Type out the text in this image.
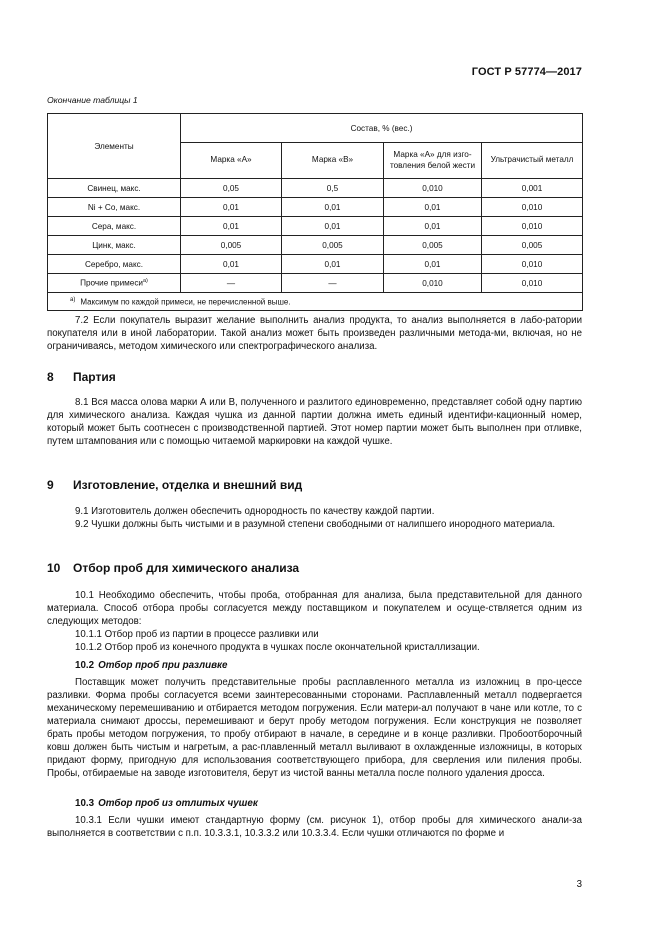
ГОСТ Р 57774—2017
Окончание таблицы 1
Элементы	Состав, % (вес.)			
	Марка «А»	Марка «В»	Марка «А» для изго-товления белой жести	Ультрачистый металл
Свинец, макс.	0,05	0,5	0,010	0,001
Ni + Co, макс.	0,01	0,01	0,01	0,010
Сера, макс.	0,01	0,01	0,01	0,010
Цинк, макс.	0,005	0,005	0,005	0,005
Серебро, макс.	0,01	0,01	0,01	0,010
Прочие примеси$^{а)}$	—	—	0,010	0,010
$^{а)}$ Максимум по каждой примеси, не перечисленной выше.				

7.2 Если покупатель выразит желание выполнить анализ продукта, то анализ выполняется в лабо-ратории покупателя или в иной лаборатории. Такой анализ может быть произведен различными метода-ми, включая, но не ограничиваясь, методом химического или спектрографического анализа.

8 Партия

8.1 Вся масса олова марки А или В, полученного и разлитого единовременно, представляет собой одну партию для химического анализа. Каждая чушка из данной партии должна иметь единый идентифи-кационный номер, который может быть соотнесен с производственной партией. Этот номер партии может быть выполнен при отливке, путем штампования или с помощью читаемой маркировки на каждой чушке.

9 Изготовление, отделка и внешний вид

9.1 Изготовитель должен обеспечить однородность по качеству каждой партии.

9.2 Чушки должны быть чистыми и в разумной степени свободными от налипшего инородного материала.

10 Отбор проб для химического анализа

10.1 Необходимо обеспечить, чтобы проба, отобранная для анализа, была представительной для данного материала. Способ отбора пробы согласуется между поставщиком и покупателем и осуще-ствляется одним из следующих методов:

10.1.1 Отбор проб из партии в процессе разливки или

10.1.2 Отбор проб из конечного продукта в чушках после окончательной кристаллизации.

10.2 Отбор проб при разливке

Поставщик может получить представительные пробы расплавленного металла из изложниц в про-цессе разливки. Форма пробы согласуется всеми заинтересованными сторонами. Расплавленный металл подвергается механическому перемешиванию и отбирается методом погружения. Если матери-ал получают в чане или котле, то с материала снимают дроссы, перемешивают и берут пробу методом погружения. Если конструкция не позволяет брать пробы методом погружения, то пробу отбирают в начале, в середине и в конце разливки. Пробоотборочный ковш должен быть чистым и нагретым, а рас-плавленный металл выливают в охлажденные изложницы, в которых придают форму, пригодную для использования соответствующего прибора, для сверления или пиления пробы. Пробы, отбираемые на заводе изготовителя, берут из чистой ванны металла после полного удаления дросса.

10.3 Отбор проб из отлитых чушек

10.3.1 Если чушки имеют стандартную форму (см. рисунок 1), отбор пробы для химического анали-за выполняется в соответствии с п.п. 10.3.3.1, 10.3.3.2 или 10.3.3.4. Если чушки отличаются по форме и

3
